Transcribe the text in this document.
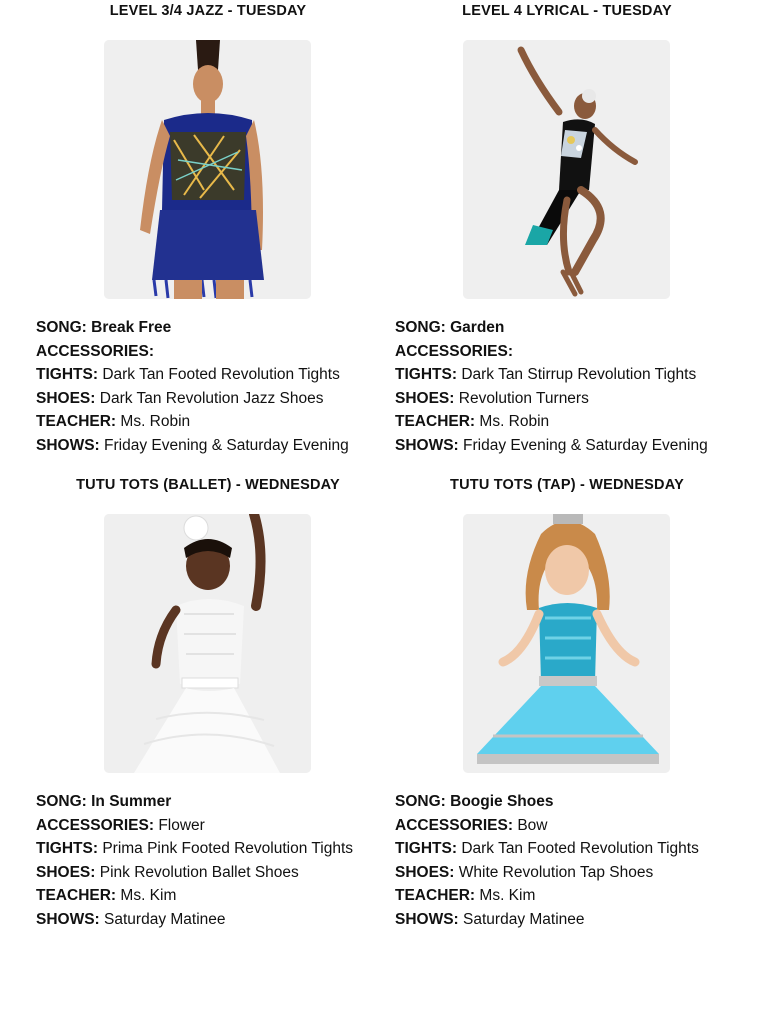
LEVEL 3/4 JAZZ - TUESDAY
SONG: Break Free
ACCESSORIES:
TIGHTS: Dark Tan Footed Revolution Tights
SHOES: Dark Tan Revolution Jazz Shoes
TEACHER: Ms. Robin
SHOWS: Friday Evening & Saturday Evening
LEVEL 4 LYRICAL - TUESDAY
SONG: Garden
ACCESSORIES:
TIGHTS: Dark Tan Stirrup Revolution Tights
SHOES: Revolution Turners
TEACHER: Ms. Robin
SHOWS: Friday Evening & Saturday Evening
TUTU TOTS (BALLET) - WEDNESDAY
SONG: In Summer
ACCESSORIES: Flower
TIGHTS: Prima Pink Footed Revolution Tights
SHOES: Pink Revolution Ballet Shoes
TEACHER: Ms. Kim
SHOWS: Saturday Matinee
TUTU TOTS (TAP) - WEDNESDAY
SONG: Boogie Shoes
ACCESSORIES: Bow
TIGHTS: Dark Tan Footed Revolution Tights
SHOES: White Revolution Tap Shoes
TEACHER: Ms. Kim
SHOWS: Saturday Matinee
